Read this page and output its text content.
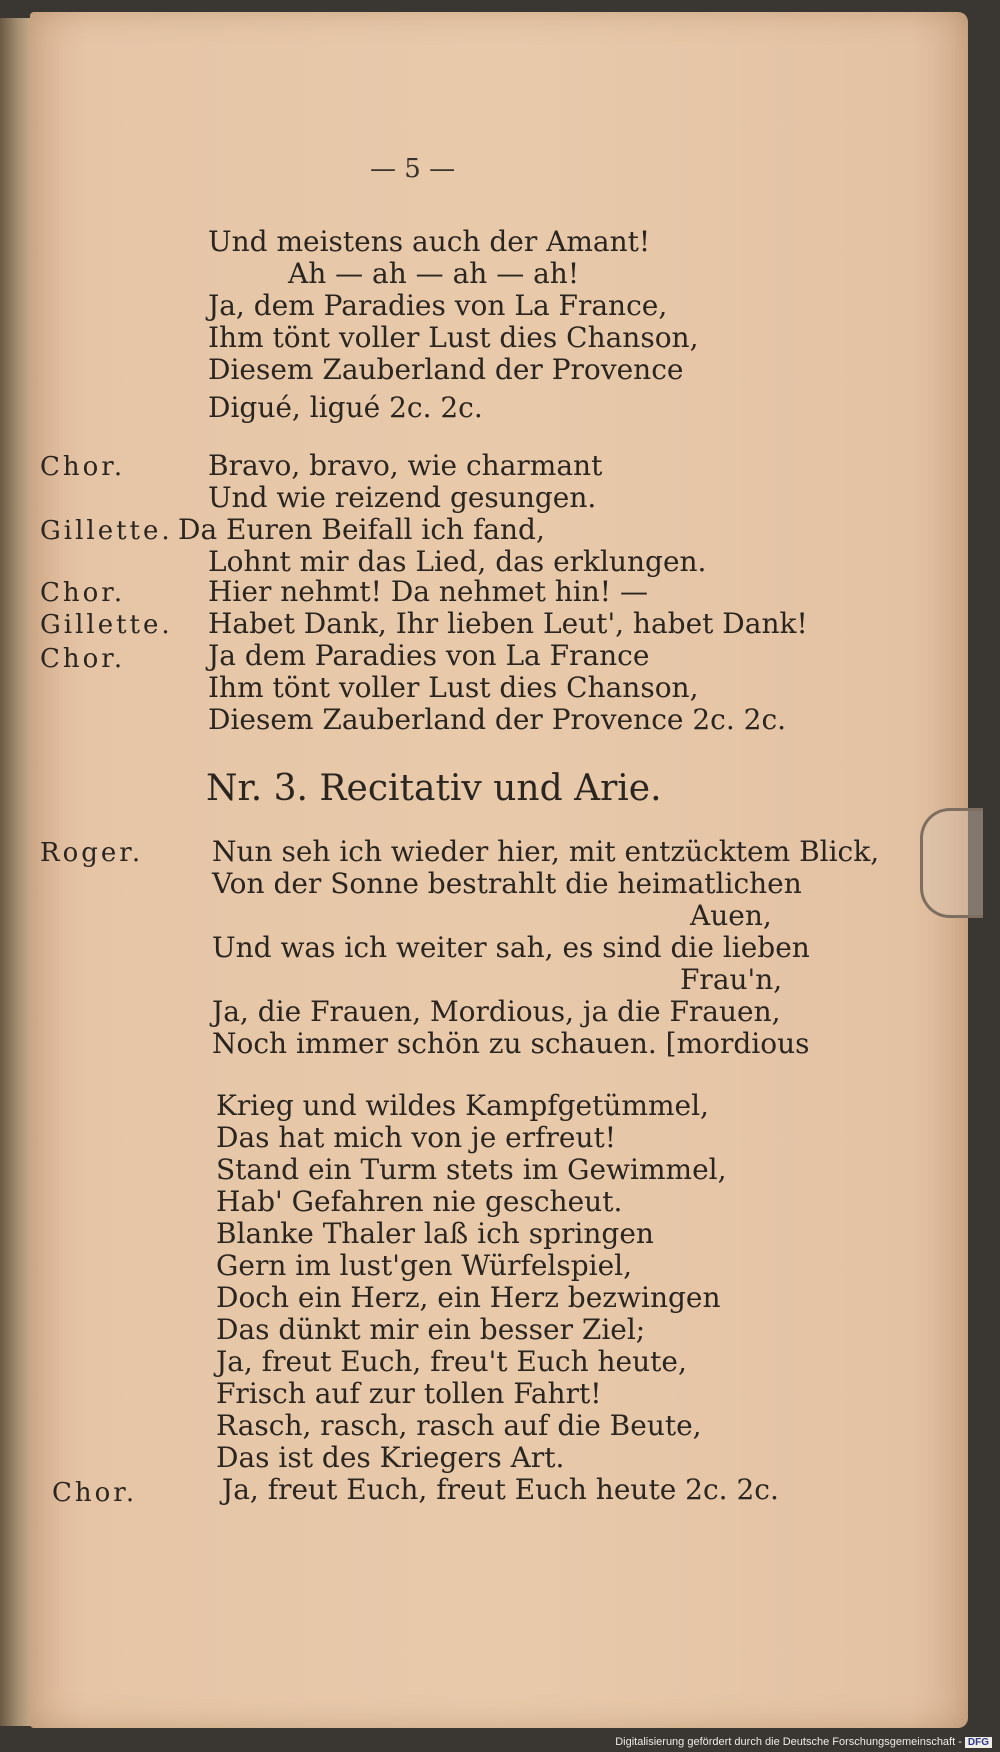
— 5 —
Und meistens auch der Amant!
Ah — ah — ah — ah!
Ja, dem Paradies von La France,
Ihm tönt voller Lust dies Chanson,
Diesem Zauberland der Provence
Digué, ligué 2c. 2c.
Chor.	Bravo, bravo, wie charmant
Und wie reizend gesungen.
Gillette. Da Euren Beifall ich fand,
Lohnt mir das Lied, das erklungen.
Chor.	Hier nehmt! Da nehmet hin! —
Gillette. Habet Dank, Ihr lieben Leut', habet Dank!
Chor.	Ja dem Paradies von La France
Ihm tönt voller Lust dies Chanson,
Diesem Zauberland der Provence 2c. 2c.
Nr. 3. Recitativ und Arie.
Roger. Nun seh ich wieder hier, mit entzücktem Blick,
Von der Sonne bestrahlt die heimatlichen
Auen,
Und was ich weiter sah, es sind die lieben
Frau'n,
Ja, die Frauen, Mordious, ja die Frauen,
Noch immer schön zu schauen. [mordious
Krieg und wildes Kampfgetümmel,
Das hat mich von je erfreut!
Stand ein Turm stets im Gewimmel,
Hab' Gefahren nie gescheut.
Blanke Thaler laß ich springen
Gern im lust'gen Würfelspiel,
Doch ein Herz, ein Herz bezwingen
Das dünkt mir ein besser Ziel;
Ja, freut Euch, freu't Euch heute,
Frisch auf zur tollen Fahrt!
Rasch, rasch, rasch auf die Beute,
Das ist des Kriegers Art.
Chor.	Ja, freut Euch, freut Euch heute 2c. 2c.
Digitalisierung gefördert durch die Deutsche Forschungsgemeinschaft - DFG
